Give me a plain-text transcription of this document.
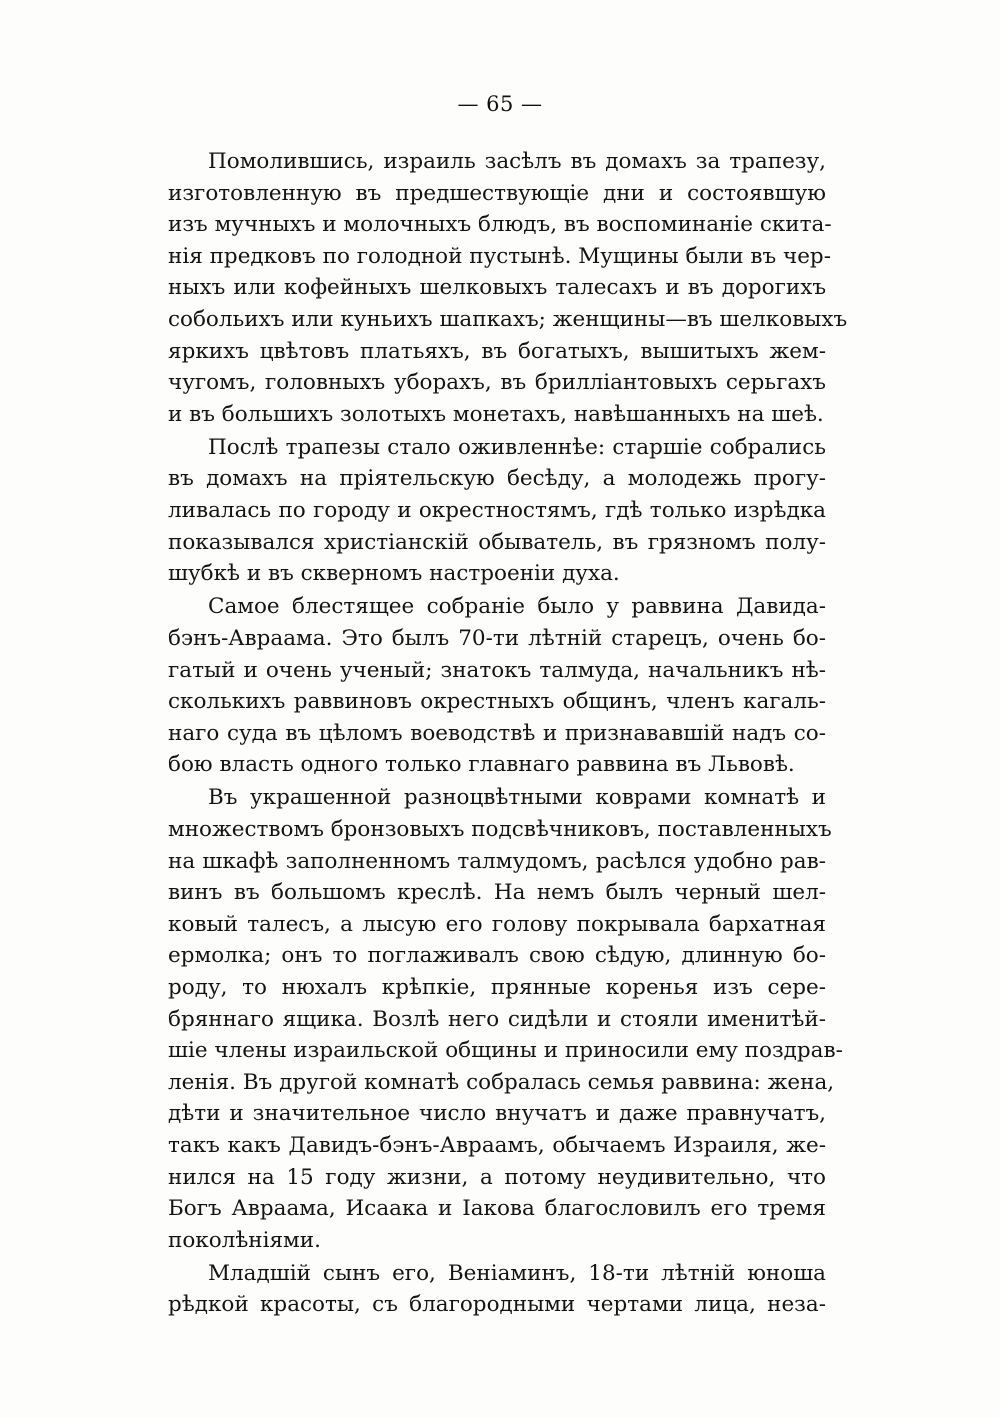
— 65 —
Помолившись, израиль засѣлъ въ домахъ за трапезу,
изготовленную въ предшествующіе дни и состоявшую
изъ мучныхъ и молочныхъ блюдъ, въ воспоминаніе скита-
нія предковъ по голодной пустынѣ. Мущины были въ чер-
ныхъ или кофейныхъ шелковыхъ талесахъ и въ дорогихъ
собольихъ или куньихъ шапкахъ; женщины—въ шелковыхъ
яркихъ цвѣтовъ платьяхъ, въ богатыхъ, вышитыхъ жем-
чугомъ, головныхъ уборахъ, въ бриллiантовыхъ серьгахъ
и въ большихъ золотыхъ монетахъ, навѣшанныхъ на шеѣ.
Послѣ трапезы стало оживленнѣе: старшіе собрались
въ домахъ на пріятельскую бесѣду, а молодежь прогу-
ливалась по городу и окрестностямъ, гдѣ только изрѣдка
показывался христіанскій обыватель, въ грязномъ полу-
шубкѣ и въ скверномъ настроеніи духа.
Самое блестящее собраніе было у раввина Давида-
бэнъ-Авраама. Это былъ 70-ти лѣтній старецъ, очень бо-
гатый и очень ученый; знатокъ талмуда, начальникъ нѣ-
сколькихъ раввиновъ окрестныхъ общинъ, членъ кагаль-
наго суда въ цѣломъ воеводствѣ и признававшій надъ со-
бою власть одного только главнаго раввина въ Львовѣ.
Въ украшенной разноцвѣтными коврами комнатѣ и
множествомъ бронзовыхъ подсвѣчниковъ, поставленныхъ
на шкафѣ заполненномъ талмудомъ, расѣлся удобно рав-
винъ въ большомъ креслѣ. На немъ былъ черный шел-
ковый талесъ, а лысую его голову покрывала бархатная
ермолка; онъ то поглаживалъ свою сѣдую, длинную бо-
роду, то нюхалъ крѣпкіе, прянные коренья изъ сере-
бряннаго ящика. Возлѣ него сидѣли и стояли именитѣй-
шіе члены израильской общины и приносили ему поздрав-
ленія. Въ другой комнатѣ собралась семья раввина: жена,
дѣти и значительное число внучатъ и даже правнучатъ,
такъ какъ Давидъ-бэнъ-Авраамъ, обычаемъ Израиля, же-
нился на 15 году жизни, а потому неудивительно, что
Богъ Авраама, Исаака и Іакова благословилъ его тремя
поколѣніями.
Младшій сынъ его, Веніаминъ, 18-ти лѣтній юноша
рѣдкой красоты, съ благородными чертами лица, неза-
